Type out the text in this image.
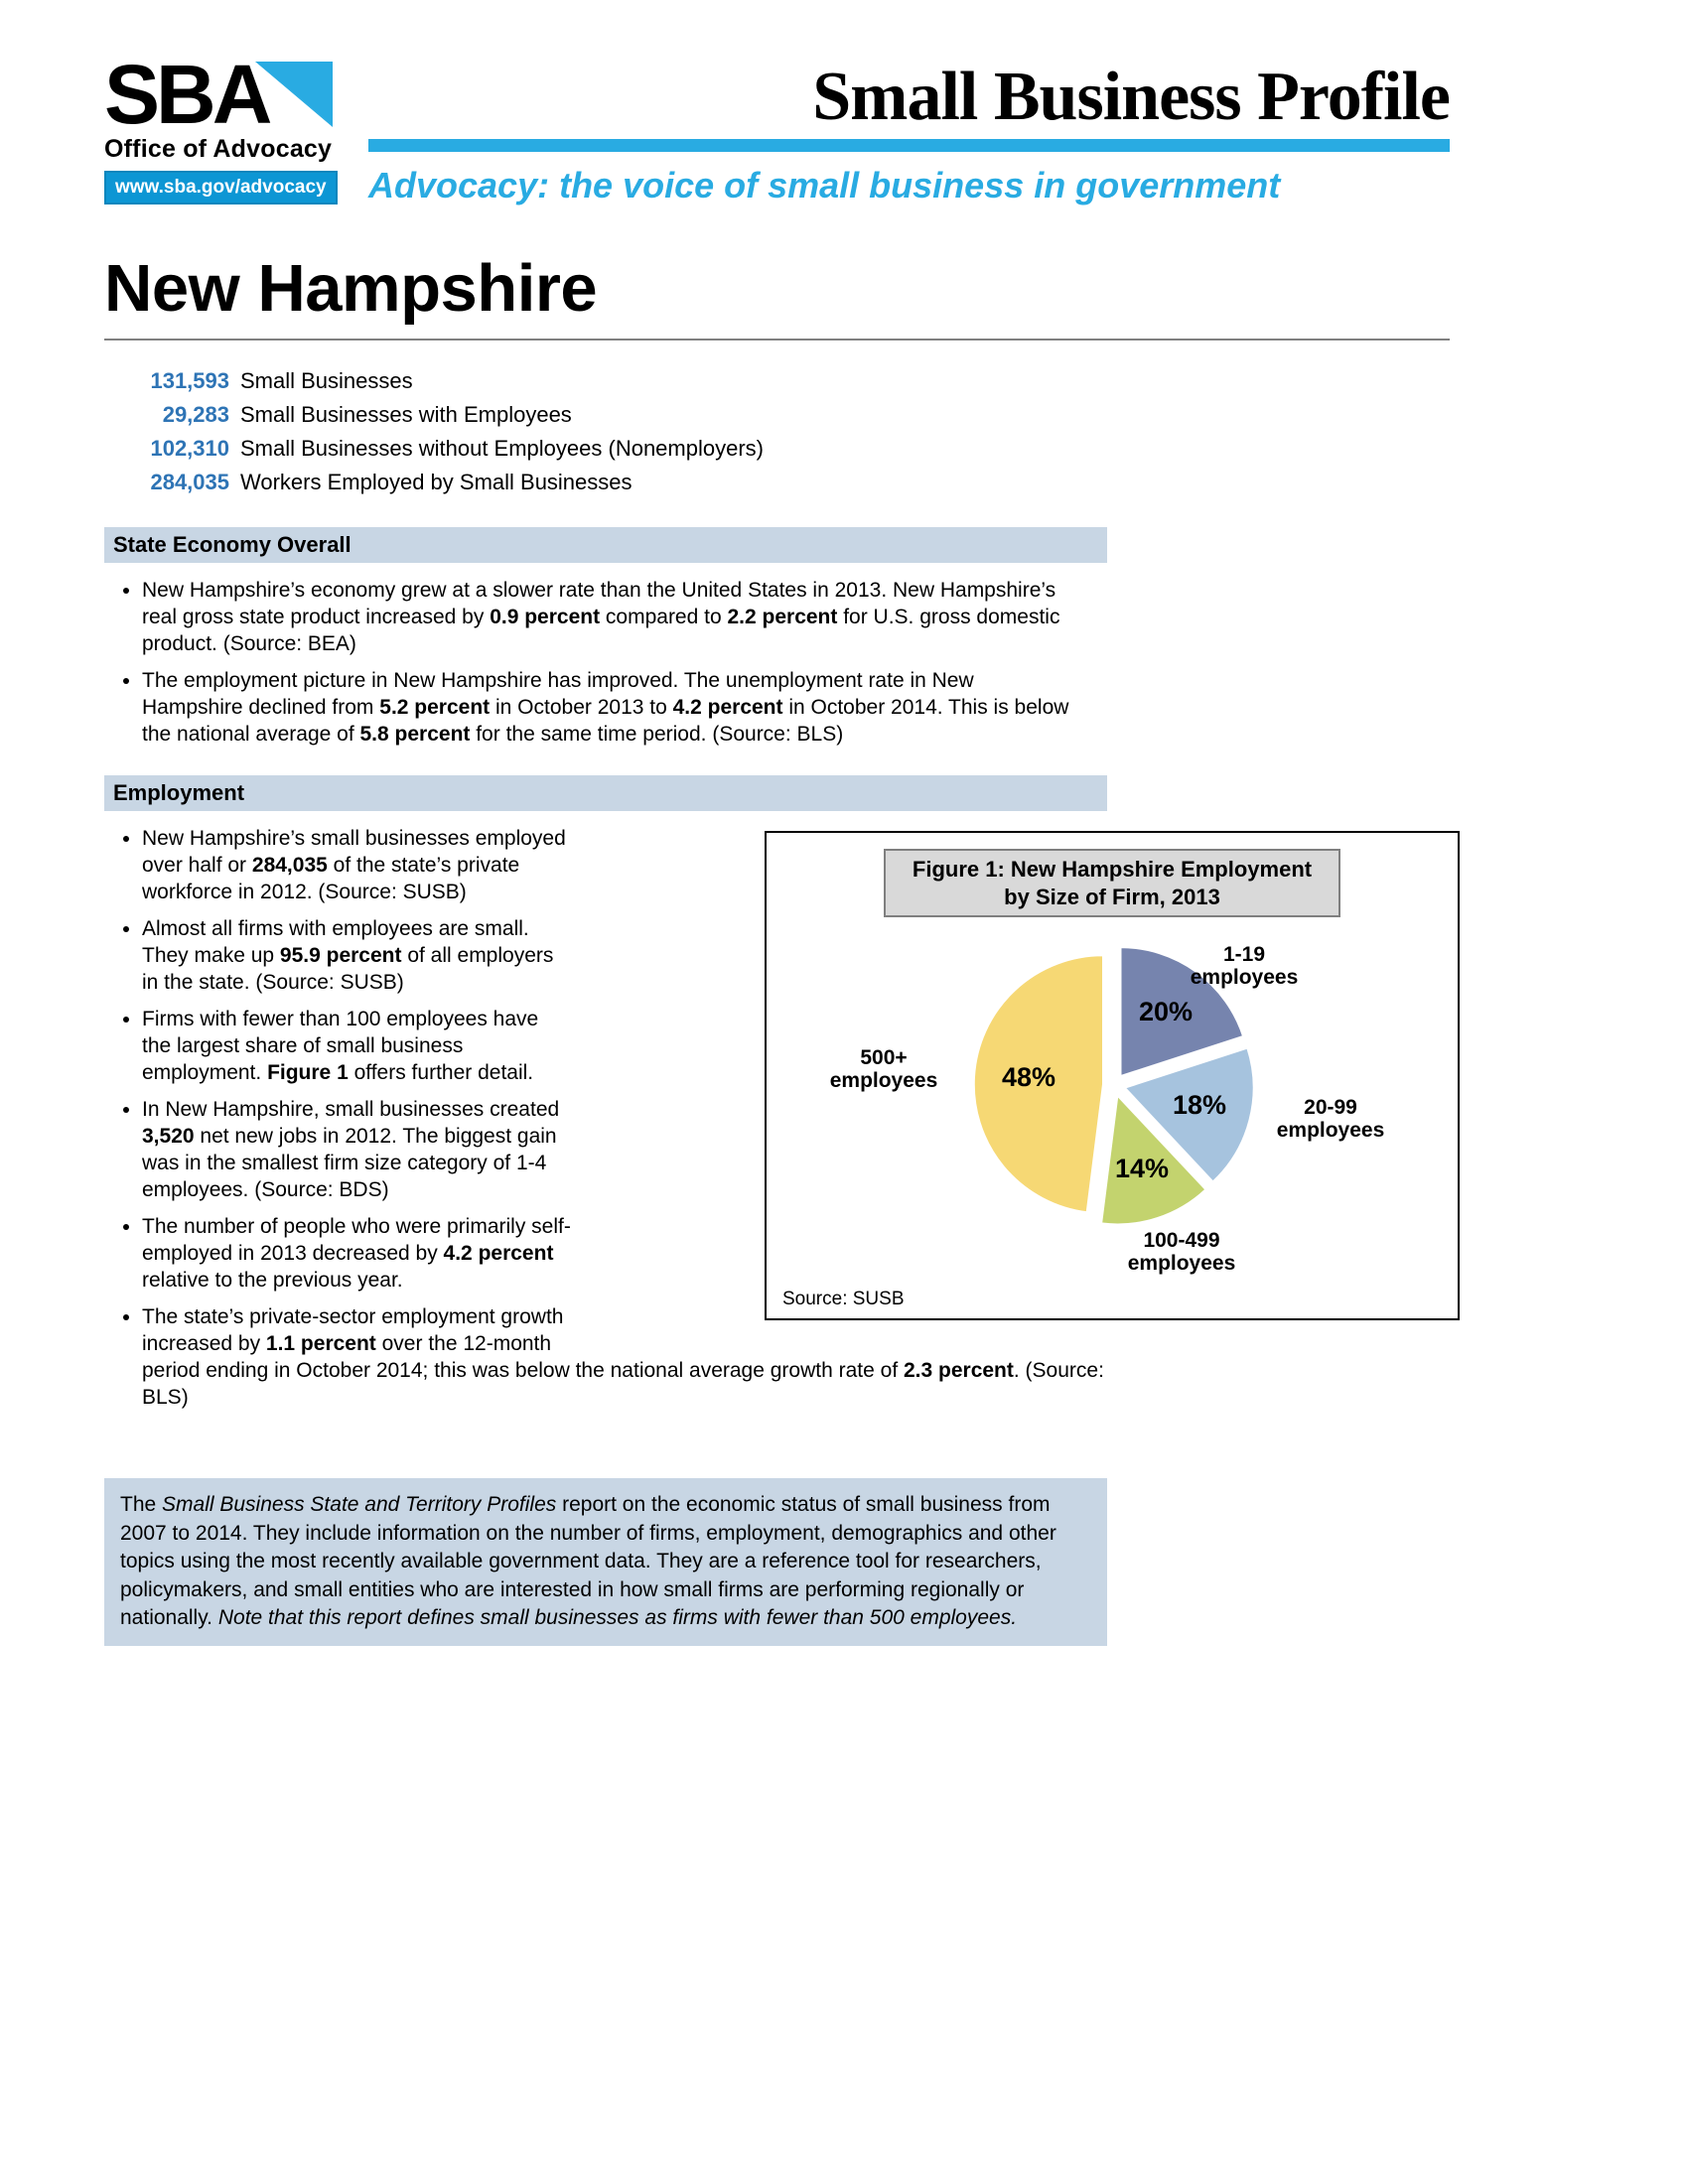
SBA
Office of Advocacy
www.sba.gov/advocacy
Small Business Profile
Advocacy: the voice of small business in government
New Hampshire
131,593 Small Businesses
29,283 Small Businesses with Employees
102,310 Small Businesses without Employees (Nonemployers)
284,035 Workers Employed by Small Businesses
State Economy Overall
• New Hampshire’s economy grew at a slower rate than the United States in 2013. New Hampshire’s real gross state product increased by 0.9 percent compared to 2.2 percent for U.S. gross domestic product. (Source: BEA)
• The employment picture in New Hampshire has improved. The unemployment rate in New Hampshire declined from 5.2 percent in October 2013 to 4.2 percent in October 2014. This is below the national average of 5.8 percent for the same time period. (Source: BLS)
Employment
Figure 1: New Hampshire Employment by Size of Firm, 2013
20%
18%
14%
48%
1-19 employees
20-99 employees
100-499 employees
500+ employees
Source: SUSB
• New Hampshire’s small businesses employed over half or 284,035 of the state’s private workforce in 2012. (Source: SUSB)
• Almost all firms with employees are small. They make up 95.9 percent of all employers in the state. (Source: SUSB)
• Firms with fewer than 100 employees have the largest share of small business employment. Figure 1 offers further detail.
• In New Hampshire, small businesses created 3,520 net new jobs in 2012. The biggest gain was in the smallest firm size category of 1-4 employees. (Source: BDS)
• The number of people who were primarily self-employed in 2013 decreased by 4.2 percent relative to the previous year.
• The state’s private-sector employment growth increased by 1.1 percent over the 12-month period ending in October 2014; this was below the national average growth rate of 2.3 percent. (Source: BLS)
The Small Business State and Territory Profiles report on the economic status of small business from 2007 to 2014. They include information on the number of firms, employment, demographics and other topics using the most recently available government data. They are a reference tool for researchers, policymakers, and small entities who are interested in how small firms are performing regionally or nationally. Note that this report defines small businesses as firms with fewer than 500 employees.
